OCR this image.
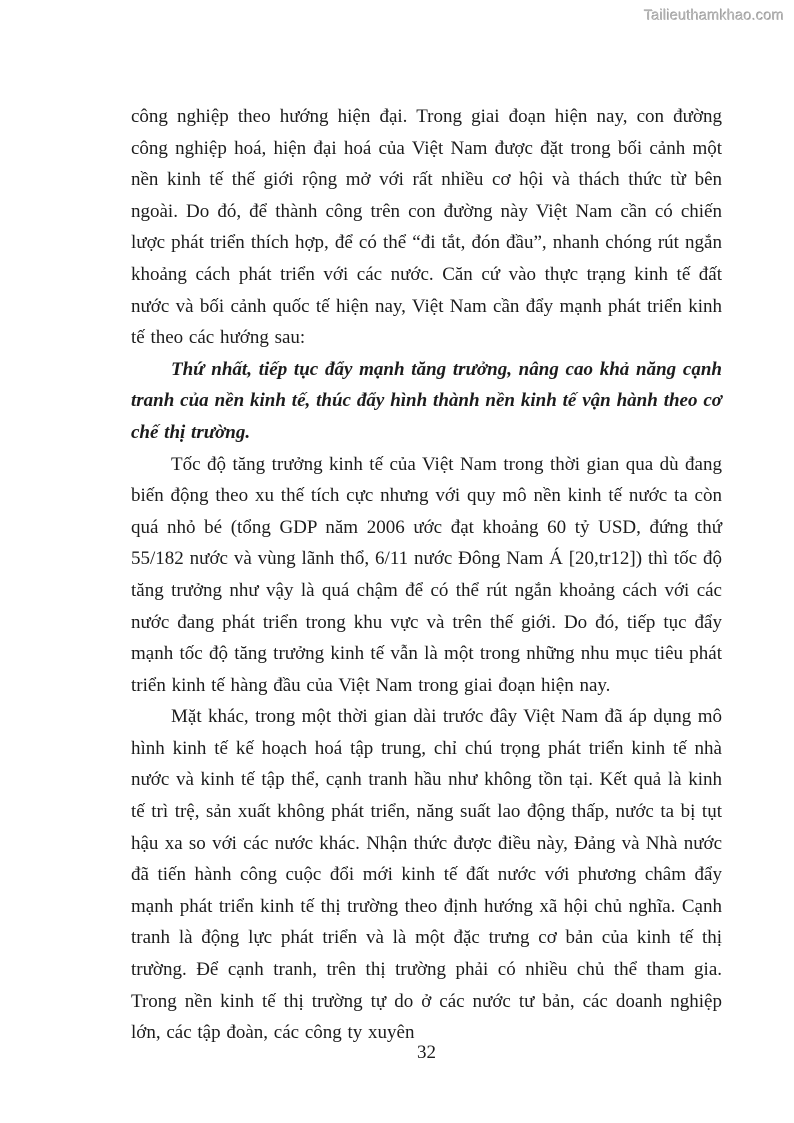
Tailieuthamkhao.com

công nghiệp theo hướng hiện đại. Trong giai đoạn hiện nay, con đường công nghiệp hoá, hiện đại hoá của Việt Nam được đặt trong bối cảnh một nền kinh tế thế giới rộng mở với rất nhiều cơ hội và thách thức từ bên ngoài. Do đó, để thành công trên con đường này Việt Nam cần có chiến lược phát triển thích hợp, để có thể “đi tắt, đón đầu”, nhanh chóng rút ngắn khoảng cách phát triển với các nước. Căn cứ vào thực trạng kinh tế đất nước và bối cảnh quốc tế hiện nay, Việt Nam cần đẩy mạnh phát triển kinh tế theo các hướng sau:

Thứ nhất, tiếp tục đẩy mạnh tăng trưởng, nâng cao khả năng cạnh tranh của nền kinh tế, thúc đẩy hình thành nền kinh tế vận hành theo cơ chế thị trường.

Tốc độ tăng trưởng kinh tế của Việt Nam trong thời gian qua dù đang biến động theo xu thế tích cực nhưng với quy mô nền kinh tế nước ta còn quá nhỏ bé (tổng GDP năm 2006 ước đạt khoảng 60 tỷ USD, đứng thứ 55/182 nước và vùng lãnh thổ, 6/11 nước Đông Nam Á [20,tr12]) thì tốc độ tăng trưởng như vậy là quá chậm để có thể rút ngắn khoảng cách với các nước đang phát triển trong khu vực và trên thế giới. Do đó, tiếp tục đẩy mạnh tốc độ tăng trưởng kinh tế vẫn là một trong những nhu mục tiêu phát triển kinh tế hàng đầu của Việt Nam trong giai đoạn hiện nay.

Mặt khác, trong một thời gian dài trước đây Việt Nam đã áp dụng mô hình kinh tế kế hoạch hoá tập trung, chỉ chú trọng phát triển kinh tế nhà nước và kinh tế tập thể, cạnh tranh hầu như không tồn tại. Kết quả là kinh tế trì trệ, sản xuất không phát triển, năng suất lao động thấp, nước ta bị tụt hậu xa so với các nước khác. Nhận thức được điều này, Đảng và Nhà nước đã tiến hành công cuộc đổi mới kinh tế đất nước với phương châm đẩy mạnh phát triển kinh tế thị trường theo định hướng xã hội chủ nghĩa. Cạnh tranh là động lực phát triển và là một đặc trưng cơ bản của kinh tế thị trường. Để cạnh tranh, trên thị trường phải có nhiều chủ thể tham gia. Trong nền kinh tế thị trường tự do ở các nước tư bản, các doanh nghiệp lớn, các tập đoàn, các công ty xuyên

32
